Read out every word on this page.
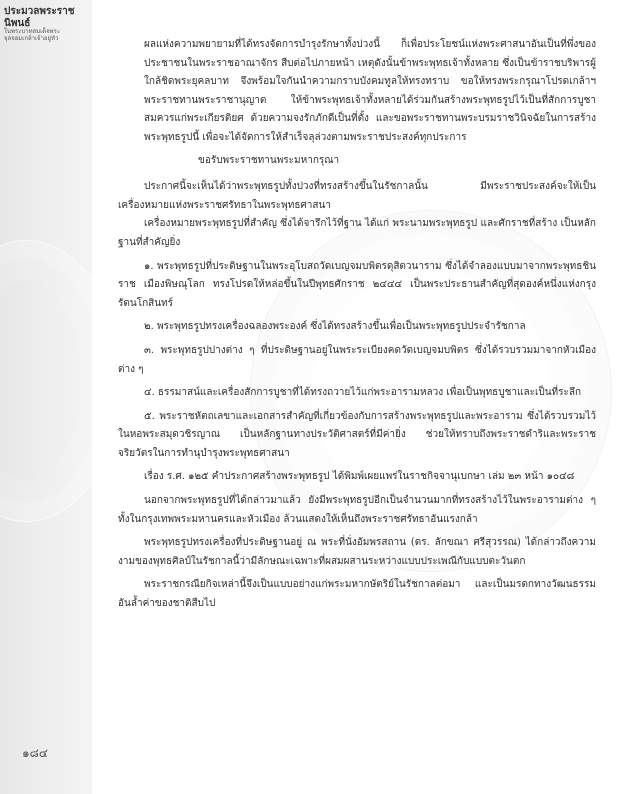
ประมวลพระราชนิพนธ์
ในพระบาทสมเด็จพระจุลจอมเกล้าเจ้าอยู่หัว
๑๘๔

ผลแห่งความพยายามที่ได้ทรงจัดการบำรุงรักษาทั้งปวงนี้ ก็เพื่อประโยชน์แห่งพระศาสนาอันเป็นที่พึ่งของประชาชนในพระราชอาณาจักร สืบต่อไปภายหน้า เหตุดังนั้นข้าพระพุทธเจ้าทั้งหลาย ซึ่งเป็นข้าราชบริพารผู้ใกล้ชิดพระยุคลบาท จึงพร้อมใจกันนำความกราบบังคมทูลให้ทรงทราบ ขอให้ทรงพระกรุณาโปรดเกล้าฯ พระราชทานพระราชานุญาต ให้ข้าพระพุทธเจ้าทั้งหลายได้ร่วมกันสร้างพระพุทธรูปไว้เป็นที่สักการบูชา สมควรแก่พระเกียรติยศ ด้วยความจงรักภักดีเป็นที่ตั้ง และขอพระราชทานพระบรมราชวินิจฉัยในการสร้างพระพุทธรูปนี้ เพื่อจะได้จัดการให้สำเร็จลุล่วงตามพระราชประสงค์ทุกประการ

ขอรับพระราชทานพระมหากรุณา

ประกาศนี้จะเห็นได้ว่าพระพุทธรูปทั้งปวงที่ทรงสร้างขึ้นในรัชกาลนั้น มีพระราชประสงค์จะให้เป็นเครื่องหมายแห่งพระราชศรัทธาในพระพุทธศาสนา

เครื่องหมายพระพุทธรูปที่สำคัญ ซึ่งได้จารึกไว้ที่ฐาน ได้แก่ พระนามพระพุทธรูป และศักราชที่สร้าง เป็นหลักฐานที่สำคัญยิ่ง

๑. พระพุทธรูปที่ประดิษฐานในพระอุโบสถวัดเบญจมบพิตรดุสิตวนาราม ซึ่งได้จำลองแบบมาจากพระพุทธชินราช เมืองพิษณุโลก ทรงโปรดให้หล่อขึ้นในปีพุทธศักราช ๒๔๔๔ เป็นพระประธานสำคัญที่สุดองค์หนึ่งแห่งกรุงรัตนโกสินทร์

๒. พระพุทธรูปทรงเครื่องฉลองพระองค์ ซึ่งได้ทรงสร้างขึ้นเพื่อเป็นพระพุทธรูปประจำรัชกาล

๓. พระพุทธรูปปางต่าง ๆ ที่ประดิษฐานอยู่ในพระระเบียงคดวัดเบญจมบพิตร ซึ่งได้รวบรวมมาจากหัวเมืองต่าง ๆ

๔. ธรรมาสน์และเครื่องสักการบูชาที่ได้ทรงถวายไว้แก่พระอารามหลวง เพื่อเป็นพุทธบูชาและเป็นที่ระลึก

๕. พระราชหัตถเลขาและเอกสารสำคัญที่เกี่ยวข้องกับการสร้างพระพุทธรูปและพระอาราม ซึ่งได้รวบรวมไว้ในหอพระสมุดวชิรญาณ เป็นหลักฐานทางประวัติศาสตร์ที่มีค่ายิ่ง ช่วยให้ทราบถึงพระราชดำริและพระราชจริยวัตรในการทำนุบำรุงพระพุทธศาสนา

เรื่อง ร.ศ. ๑๒๕ คำประกาศสร้างพระพุทธรูป ได้พิมพ์เผยแพร่ในราชกิจจานุเบกษา เล่ม ๒๓ หน้า ๑๐๔๘

นอกจากพระพุทธรูปที่ได้กล่าวมาแล้ว ยังมีพระพุทธรูปอีกเป็นจำนวนมากที่ทรงสร้างไว้ในพระอารามต่าง ๆ ทั้งในกรุงเทพพระมหานครและหัวเมือง ล้วนแสดงให้เห็นถึงพระราชศรัทธาอันแรงกล้า

พระพุทธรูปทรงเครื่องที่ประดิษฐานอยู่ ณ พระที่นั่งอัมพรสถาน (ดร. ลักขณา ศรีสุวรรณ) ได้กล่าวถึงความงามของพุทธศิลป์ในรัชกาลนี้ว่ามีลักษณะเฉพาะที่ผสมผสานระหว่างแบบประเพณีกับแบบตะวันตก

พระราชกรณียกิจเหล่านี้จึงเป็นแบบอย่างแก่พระมหากษัตริย์ในรัชกาลต่อมา และเป็นมรดกทางวัฒนธรรมอันล้ำค่าของชาติสืบไป
